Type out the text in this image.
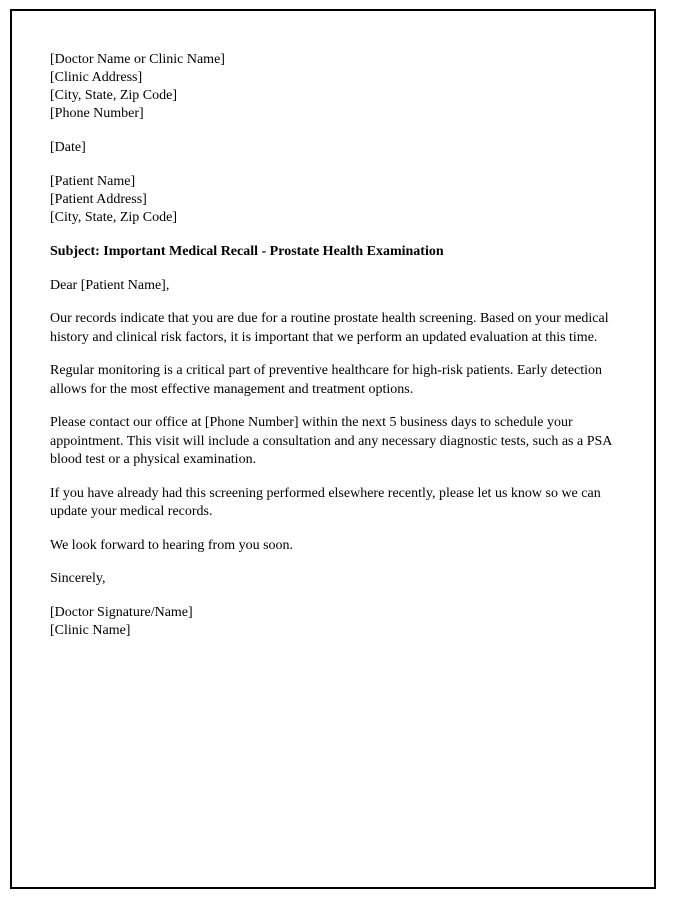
[Doctor Name or Clinic Name]
[Clinic Address]
[City, State, Zip Code]
[Phone Number]
[Date]
[Patient Name]
[Patient Address]
[City, State, Zip Code]
Subject: Important Medical Recall - Prostate Health Examination
Dear [Patient Name],
Our records indicate that you are due for a routine prostate health screening. Based on your medical history and clinical risk factors, it is important that we perform an updated evaluation at this time.
Regular monitoring is a critical part of preventive healthcare for high-risk patients. Early detection allows for the most effective management and treatment options.
Please contact our office at [Phone Number] within the next 5 business days to schedule your appointment. This visit will include a consultation and any necessary diagnostic tests, such as a PSA blood test or a physical examination.
If you have already had this screening performed elsewhere recently, please let us know so we can update your medical records.
We look forward to hearing from you soon.
Sincerely,
[Doctor Signature/Name]
[Clinic Name]
